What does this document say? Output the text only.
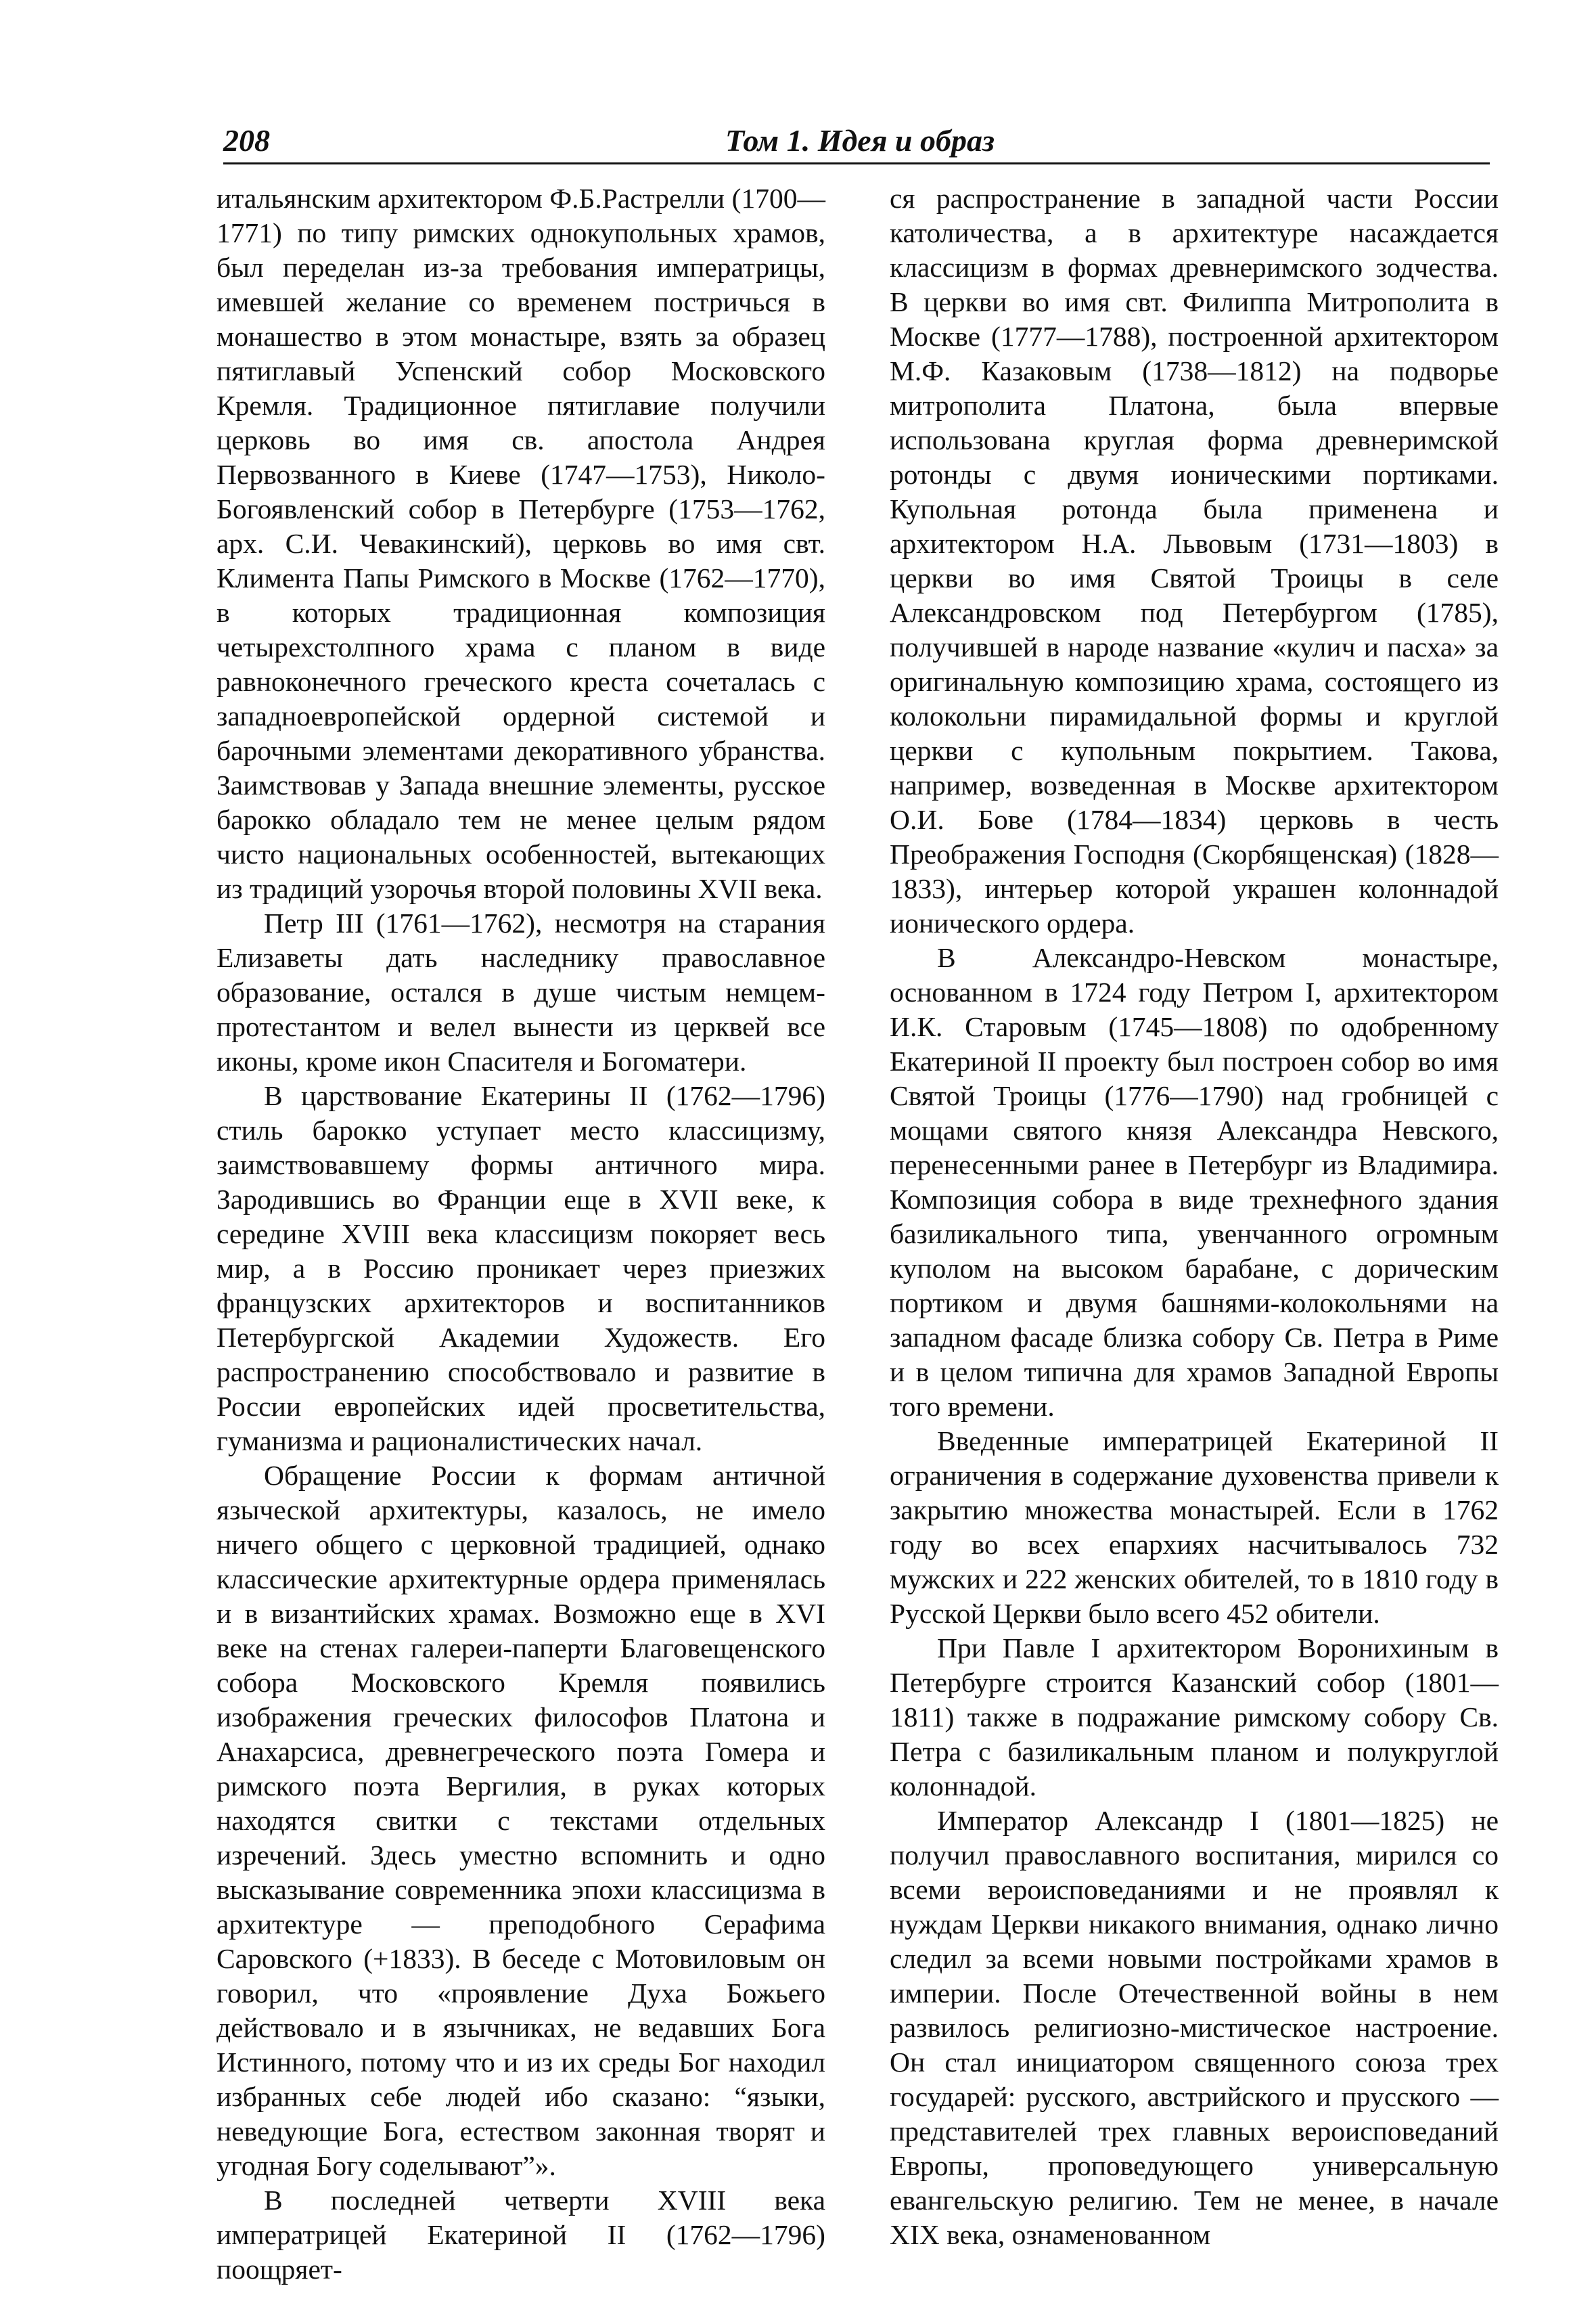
208	Том 1. Идея и образ

итальянским архитектором Ф.Б.Растрелли (1700—1771) по типу римских однокупольных храмов, был переделан из-за требования императрицы, имевшей желание со временем постричься в монашество в этом монастыре, взять за образец пятиглавый Успенский собор Московского Кремля. Традиционное пятиглавие получили церковь во имя св. апостола Андрея Первозванного в Киеве (1747—1753), Николо-Богоявленский собор в Петербурге (1753—1762, арх. С.И. Чевакинский), церковь во имя свт. Климента Папы Римского в Москве (1762—1770), в которых традиционная композиция четырехстолпного храма с планом в виде равноконечного греческого креста сочеталась с западноевропейской ордерной системой и барочными элементами декоративного убранства. Заимствовав у Запада внешние элементы, русское барокко обладало тем не менее целым рядом чисто национальных особенностей, вытекающих из традиций узорочья второй половины XVII века.

Петр III (1761—1762), несмотря на старания Елизаветы дать наследнику православное образование, остался в душе чистым немцем-протестантом и велел вынести из церквей все иконы, кроме икон Спасителя и Богоматери.

В царствование Екатерины II (1762—1796) стиль барокко уступает место классицизму, заимствовавшему формы античного мира. Зародившись во Франции еще в XVII веке, к середине XVIII века классицизм покоряет весь мир, а в Россию проникает через приезжих французских архитекторов и воспитанников Петербургской Академии Художеств. Его распространению способствовало и развитие в России европейских идей просветительства, гуманизма и рационалистических начал.

Обращение России к формам античной языческой архитектуры, казалось, не имело ничего общего с церковной традицией, однако классические архитектурные ордера применялась и в византийских храмах. Возможно еще в XVI веке на стенах галереи-паперти Благовещенского собора Московского Кремля появились изображения греческих философов Платона и Анахарсиса, древнегреческого поэта Гомера и римского поэта Вергилия, в руках которых находятся свитки с текстами отдельных изречений. Здесь уместно вспомнить и одно высказывание современника эпохи классицизма в архитектуре — преподобного Серафима Саровского (+1833). В беседе с Мотовиловым он говорил, что «проявление Духа Божьего действовало и в язычниках, не ведавших Бога Истинного, потому что и из их среды Бог находил избранных себе людей ибо сказано: “языки, неведующие Бога, естеством законная творят и угодная Богу соделывают”».

В последней четверти XVIII века императрицей Екатериной II (1762—1796) поощряет-

ся распространение в западной части России католичества, а в архитектуре насаждается классицизм в формах древнеримского зодчества. В церкви во имя свт. Филиппа Митрополита в Москве (1777—1788), построенной архитектором М.Ф. Казаковым (1738—1812) на подворье митрополита Платона, была впервые использована круглая форма древнеримской ротонды с двумя ионическими портиками. Купольная ротонда была применена и архитектором Н.А. Львовым (1731—1803) в церкви во имя Святой Троицы в селе Александровском под Петербургом (1785), получившей в народе название «кулич и пасха» за оригинальную композицию храма, состоящего из колокольни пирамидальной формы и круглой церкви с купольным покрытием. Такова, например, возведенная в Москве архитектором О.И. Бове (1784—1834) церковь в честь Преображения Господня (Скорбященская) (1828—1833), интерьер которой украшен колоннадой ионического ордера.

В Александро-Невском монастыре, основанном в 1724 году Петром I, архитектором И.К. Старовым (1745—1808) по одобренному Екатериной II проекту был построен собор во имя Святой Троицы (1776—1790) над гробницей с мощами святого князя Александра Невского, перенесенными ранее в Петербург из Владимира. Композиция собора в виде трехнефного здания базиликального типа, увенчанного огромным куполом на высоком барабане, с дорическим портиком и двумя башнями-колокольнями на западном фасаде близка собору Св. Петра в Риме и в целом типична для храмов Западной Европы того времени.

Введенные императрицей Екатериной II ограничения в содержание духовенства привели к закрытию множества монастырей. Если в 1762 году во всех епархиях насчитывалось 732 мужских и 222 женских обителей, то в 1810 году в Русской Церкви было всего 452 обители.

При Павле I архитектором Воронихиным в Петербурге строится Казанский собор (1801—1811) также в подражание римскому собору Св. Петра с базиликальным планом и полукруглой колоннадой.

Император Александр I (1801—1825) не получил православного воспитания, мирился со всеми вероисповеданиями и не проявлял к нуждам Церкви никакого внимания, однако лично следил за всеми новыми постройками храмов в империи. После Отечественной войны в нем развилось религиозно-мистическое настроение. Он стал инициатором священного союза трех государей: русского, австрийского и прусского — представителей трех главных вероисповеданий Европы, проповедующего универсальную евангельскую религию. Тем не менее, в начале XIX века, ознаменованном
